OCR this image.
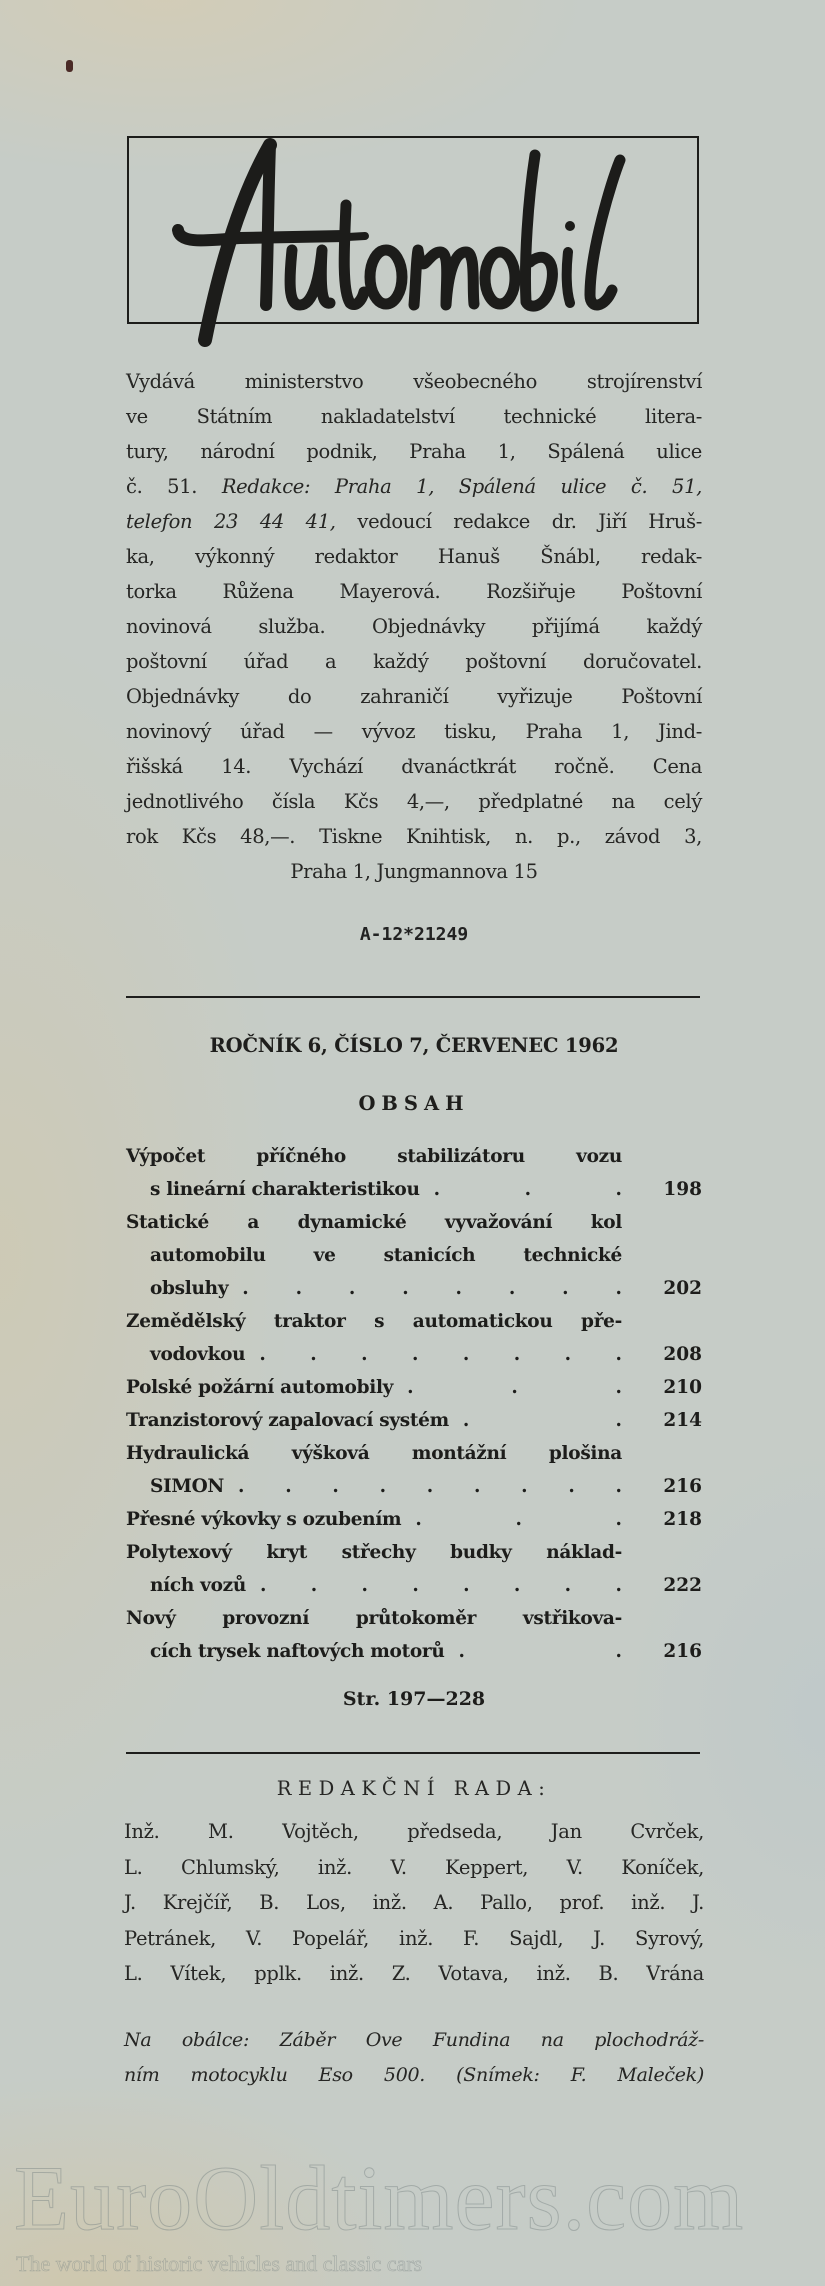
Vydává ministerstvo všeobecného strojírenství
ve Státním nakladatelství technické litera-
tury, národní podnik, Praha 1, Spálená ulice
č. 51. Redakce: Praha 1, Spálená ulice č. 51,
telefon 23 44 41, vedoucí redakce dr. Jiří Hruš-
ka, výkonný redaktor Hanuš Šnábl, redak-
torka Růžena Mayerová. Rozšiřuje Poštovní
novinová služba. Objednávky přijímá každý
poštovní úřad a každý poštovní doručovatel.
Objednávky do zahraničí vyřizuje Poštovní
novinový úřad — vývoz tisku, Praha 1, Jind-
řišská 14. Vychází dvanáctkrát ročně. Cena
jednotlivého čísla Kčs 4,—, předplatné na celý
rok Kčs 48,—. Tiskne Knihtisk, n. p., závod 3,
Praha 1, Jungmannova 15
A-12*21249
ROČNÍK 6, ČÍSLO 7, ČERVENEC 1962
OBSAH
Výpočet příčného stabilizátoru vozu
s lineární charakteristikou .	.	. 198
Statické a dynamické vyvažování kol
automobilu ve stanicích technické
obsluhy .	.	.	.	.	.	.	. 202
Zemědělský traktor s automatickou pře-
vodovkou . . . . . . . . 208
Polské požární automobily .	.	. 210
Tranzistorový zapalovací systém .	. 214
Hydraulická výšková montážní plošina
SIMON . . . . . . . . . 216
Přesné výkovky s ozubením .	.	. 218
Polytexový kryt střechy budky náklad-
ních vozů . . . . . . . . 222
Nový provozní průtokoměr vstřikova-
cích trysek naftových motorů .	. 216
Str. 197—228
REDAKČNÍ RADA:
Inž. M. Vojtěch, předseda, Jan Cvrček,
L. Chlumský, inž. V. Keppert, V. Koníček,
J. Krejčíř, B. Los, inž. A. Pallo, prof. inž. J.
Petránek, V. Popelář, inž. F. Sajdl, J. Syrový,
L. Vítek, pplk. inž. Z. Votava, inž. B. Vrána
Na obálce: Záběr Ove Fundina na plochodráž-
ním motocyklu Eso 500. (Snímek: F. Maleček)
EuroOldtimers.com
The world of historic vehicles and classic cars
